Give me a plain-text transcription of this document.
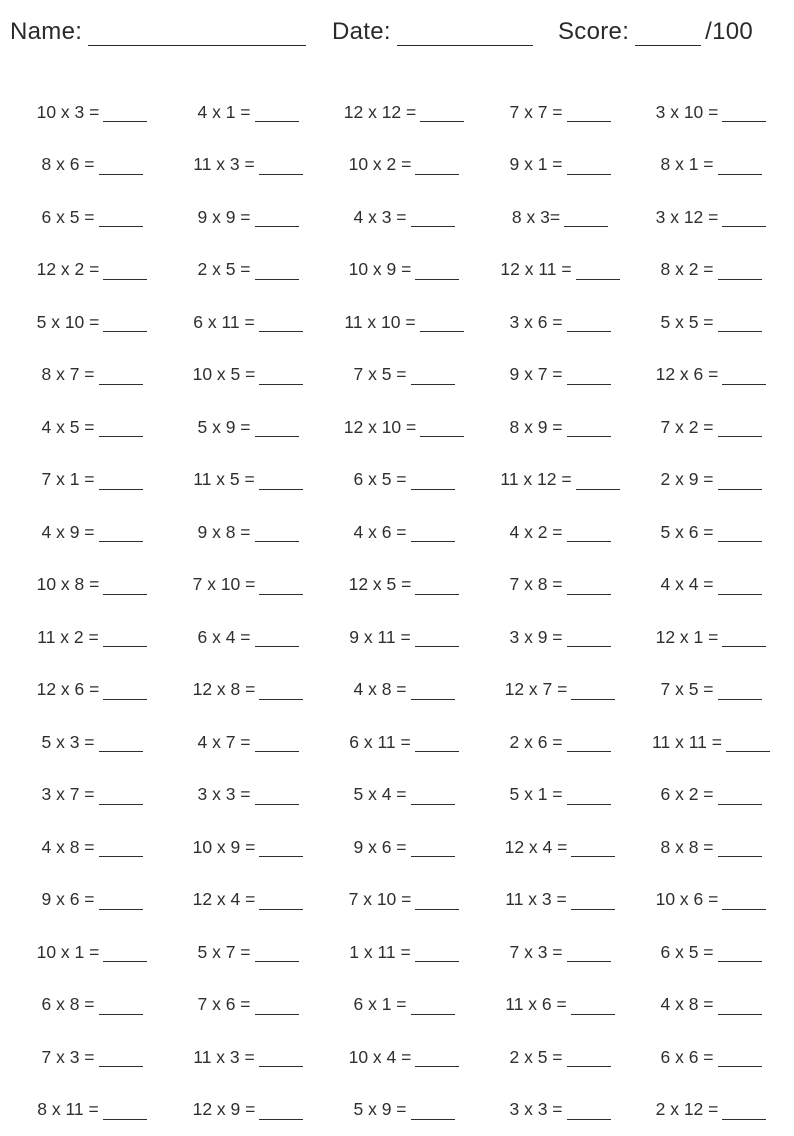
Name:	Date:	Score:	/100
10 x 3 =	4 x 1 =	12 x 12 =	7 x 7 =	3 x 10 =
8 x 6 =	11 x 3 =	10 x 2 =	9 x 1 =	8 x 1 =
6 x 5 =	9 x 9 =	4 x 3 =	8 x 3=	3 x 12 =
12 x 2 =	2 x 5 =	10 x 9 =	12 x 11 =	8 x 2 =
5 x 10 =	6 x 11 =	11 x 10 =	3 x 6 =	5 x 5 =
8 x 7 =	10 x 5 =	7 x 5 =	9 x 7 =	12 x 6 =
4 x 5 =	5 x 9 =	12 x 10 =	8 x 9 =	7 x 2 =
7 x 1 =	11 x 5 =	6 x 5 =	11 x 12 =	2 x 9 =
4 x 9 =	9 x 8 =	4 x 6 =	4 x 2 =	5 x 6 =
10 x 8 =	7 x 10 =	12 x 5 =	7 x 8 =	4 x 4 =
11 x 2 =	6 x 4 =	9 x 11 =	3 x 9 =	12 x 1 =
12 x 6 =	12 x 8 =	4 x 8 =	12 x 7 =	7 x 5 =
5 x 3 =	4 x 7 =	6 x 11 =	2 x 6 =	11 x 11 =
3 x 7 =	3 x 3 =	5 x 4 =	5 x 1 =	6 x 2 =
4 x 8 =	10 x 9 =	9 x 6 =	12 x 4 =	8 x 8 =
9 x 6 =	12 x 4 =	7 x 10 =	11 x 3 =	10 x 6 =
10 x 1 =	5 x 7 =	1 x 11 =	7 x 3 =	6 x 5 =
6 x 8 =	7 x 6 =	6 x 1 =	11 x 6 =	4 x 8 =
7 x 3 =	11 x 3 =	10 x 4 =	2 x 5 =	6 x 6 =
8 x 11 =	12 x 9 =	5 x 9 =	3 x 3 =	2 x 12 =
